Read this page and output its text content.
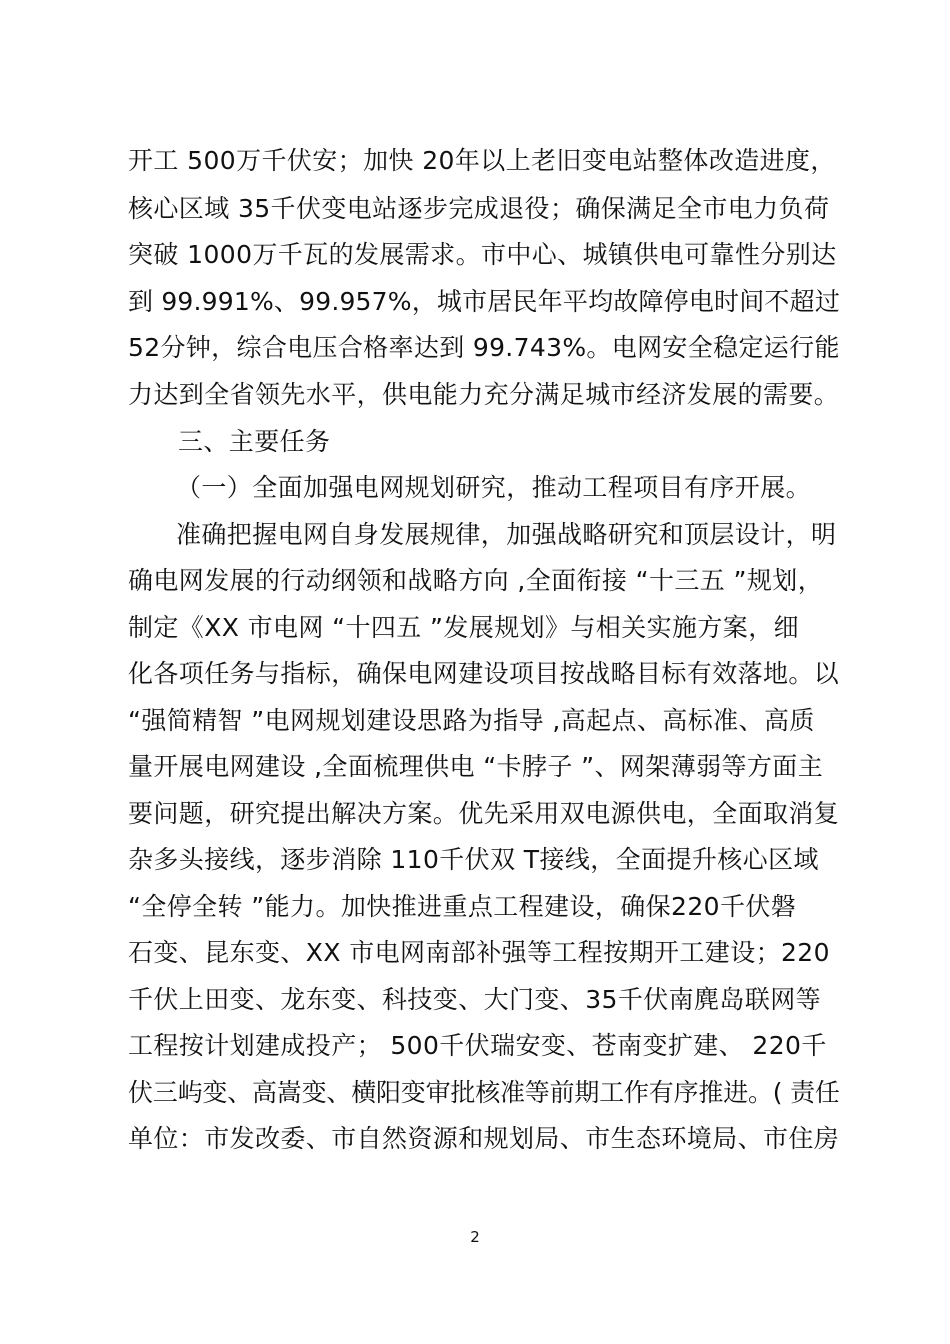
开工 500万千伏安；加快 20年以上老旧变电站整体改造进度，
核心区域 35千伏变电站逐步完成退役；确保满足全市电力负荷
突破 1000万千瓦的发展需求。市中心、城镇供电可靠性分别达
到 99.991%、99.957%，城市居民年平均故障停电时间不超过
52分钟，综合电压合格率达到 99.743%。电网安全稳定运行能
力达到全省领先水平，供电能力充分满足城市经济发展的需要。
三、主要任务
（一）全面加强电网规划研究，推动工程项目有序开展。
准确把握电网自身发展规律，加强战略研究和顶层设计，明
确电网发展的行动纲领和战略方向 ,全面衔接 “十三五 ”规划，
制定《XX 市电网 “十四五 ”发展规划》与相关实施方案，细
化各项任务与指标，确保电网建设项目按战略目标有效落地。以
“强简精智 ”电网规划建设思路为指导 ,高起点、高标准、高质
量开展电网建设 ,全面梳理供电 “卡脖子 ”、网架薄弱等方面主
要问题，研究提出解决方案。优先采用双电源供电，全面取消复
杂多头接线，逐步消除 110千伏双 T接线，全面提升核心区域
“全停全转 ”能力。加快推进重点工程建设，确保220千伏磐
石变、昆东变、XX 市电网南部补强等工程按期开工建设；220
千伏上田变、龙东变、科技变、大门变、35千伏南麂岛联网等
工程按计划建成投产； 500千伏瑞安变、苍南变扩建、 220千
伏三屿变、高嵩变、横阳变审批核准等前期工作有序推进。( 责任
单位：市发改委、市自然资源和规划局、市生态环境局、市住房
2
